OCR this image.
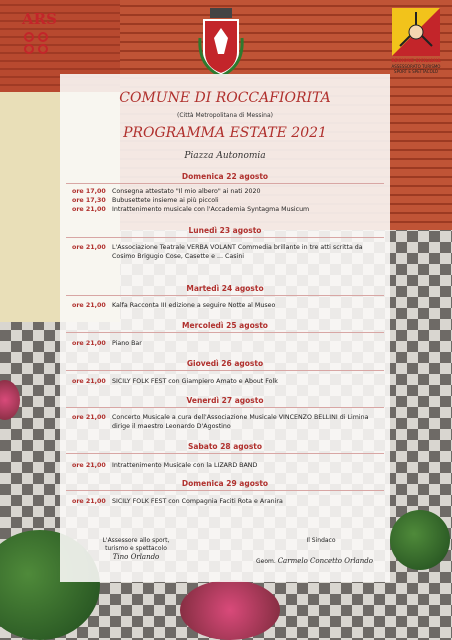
ARS
REGIONE SICILIANA
ASSESSORATO TURISMO
SPORT E SPETTACOLO
COMUNE DI ROCCAFIORITA
(Città Metropolitana di Messina)
PROGRAMMA ESTATE 2021
Piazza Autonomia
Domenica 22 agosto
ore 17,00 Consegna attestato "Il mio albero" ai nati 2020
ore 17,30 Bubusettete insieme ai più piccoli
ore 21,00 Intrattenimento musicale con l'Accademia Syntagma Musicum
Lunedì 23 agosto
ore 21,00 L'Associazione Teatrale VERBA VOLANT Commedia brillante in tre atti scritta da Cosimo Brigugio Cose, Casette e ... Casini
Martedì 24 agosto
ore 21,00 Kalfa Racconta III edizione a seguire Notte al Museo
Mercoledì 25 agosto
ore 21,00 Piano Bar
Giovedì 26 agosto
ore 21,00 SICILY FOLK FEST con Giampiero Amato e About Folk
Venerdì 27 agosto
ore 21,00 Concerto Musicale a cura dell'Associazione Musicale VINCENZO BELLINI di Limina dirige il maestro Leonardo D'Agostino
Sabato 28 agosto
ore 21,00 Intrattenimento Musicale con la LIZARD BAND
Domenica 29 agosto
ore 21,00 SICILY FOLK FEST con Compagnia Faciti Rota e Aranira
L'Assessore allo sport,
turismo e spettacolo
Tino Orlando
Il Sindaco
Geom. Carmelo Concetto Orlando
